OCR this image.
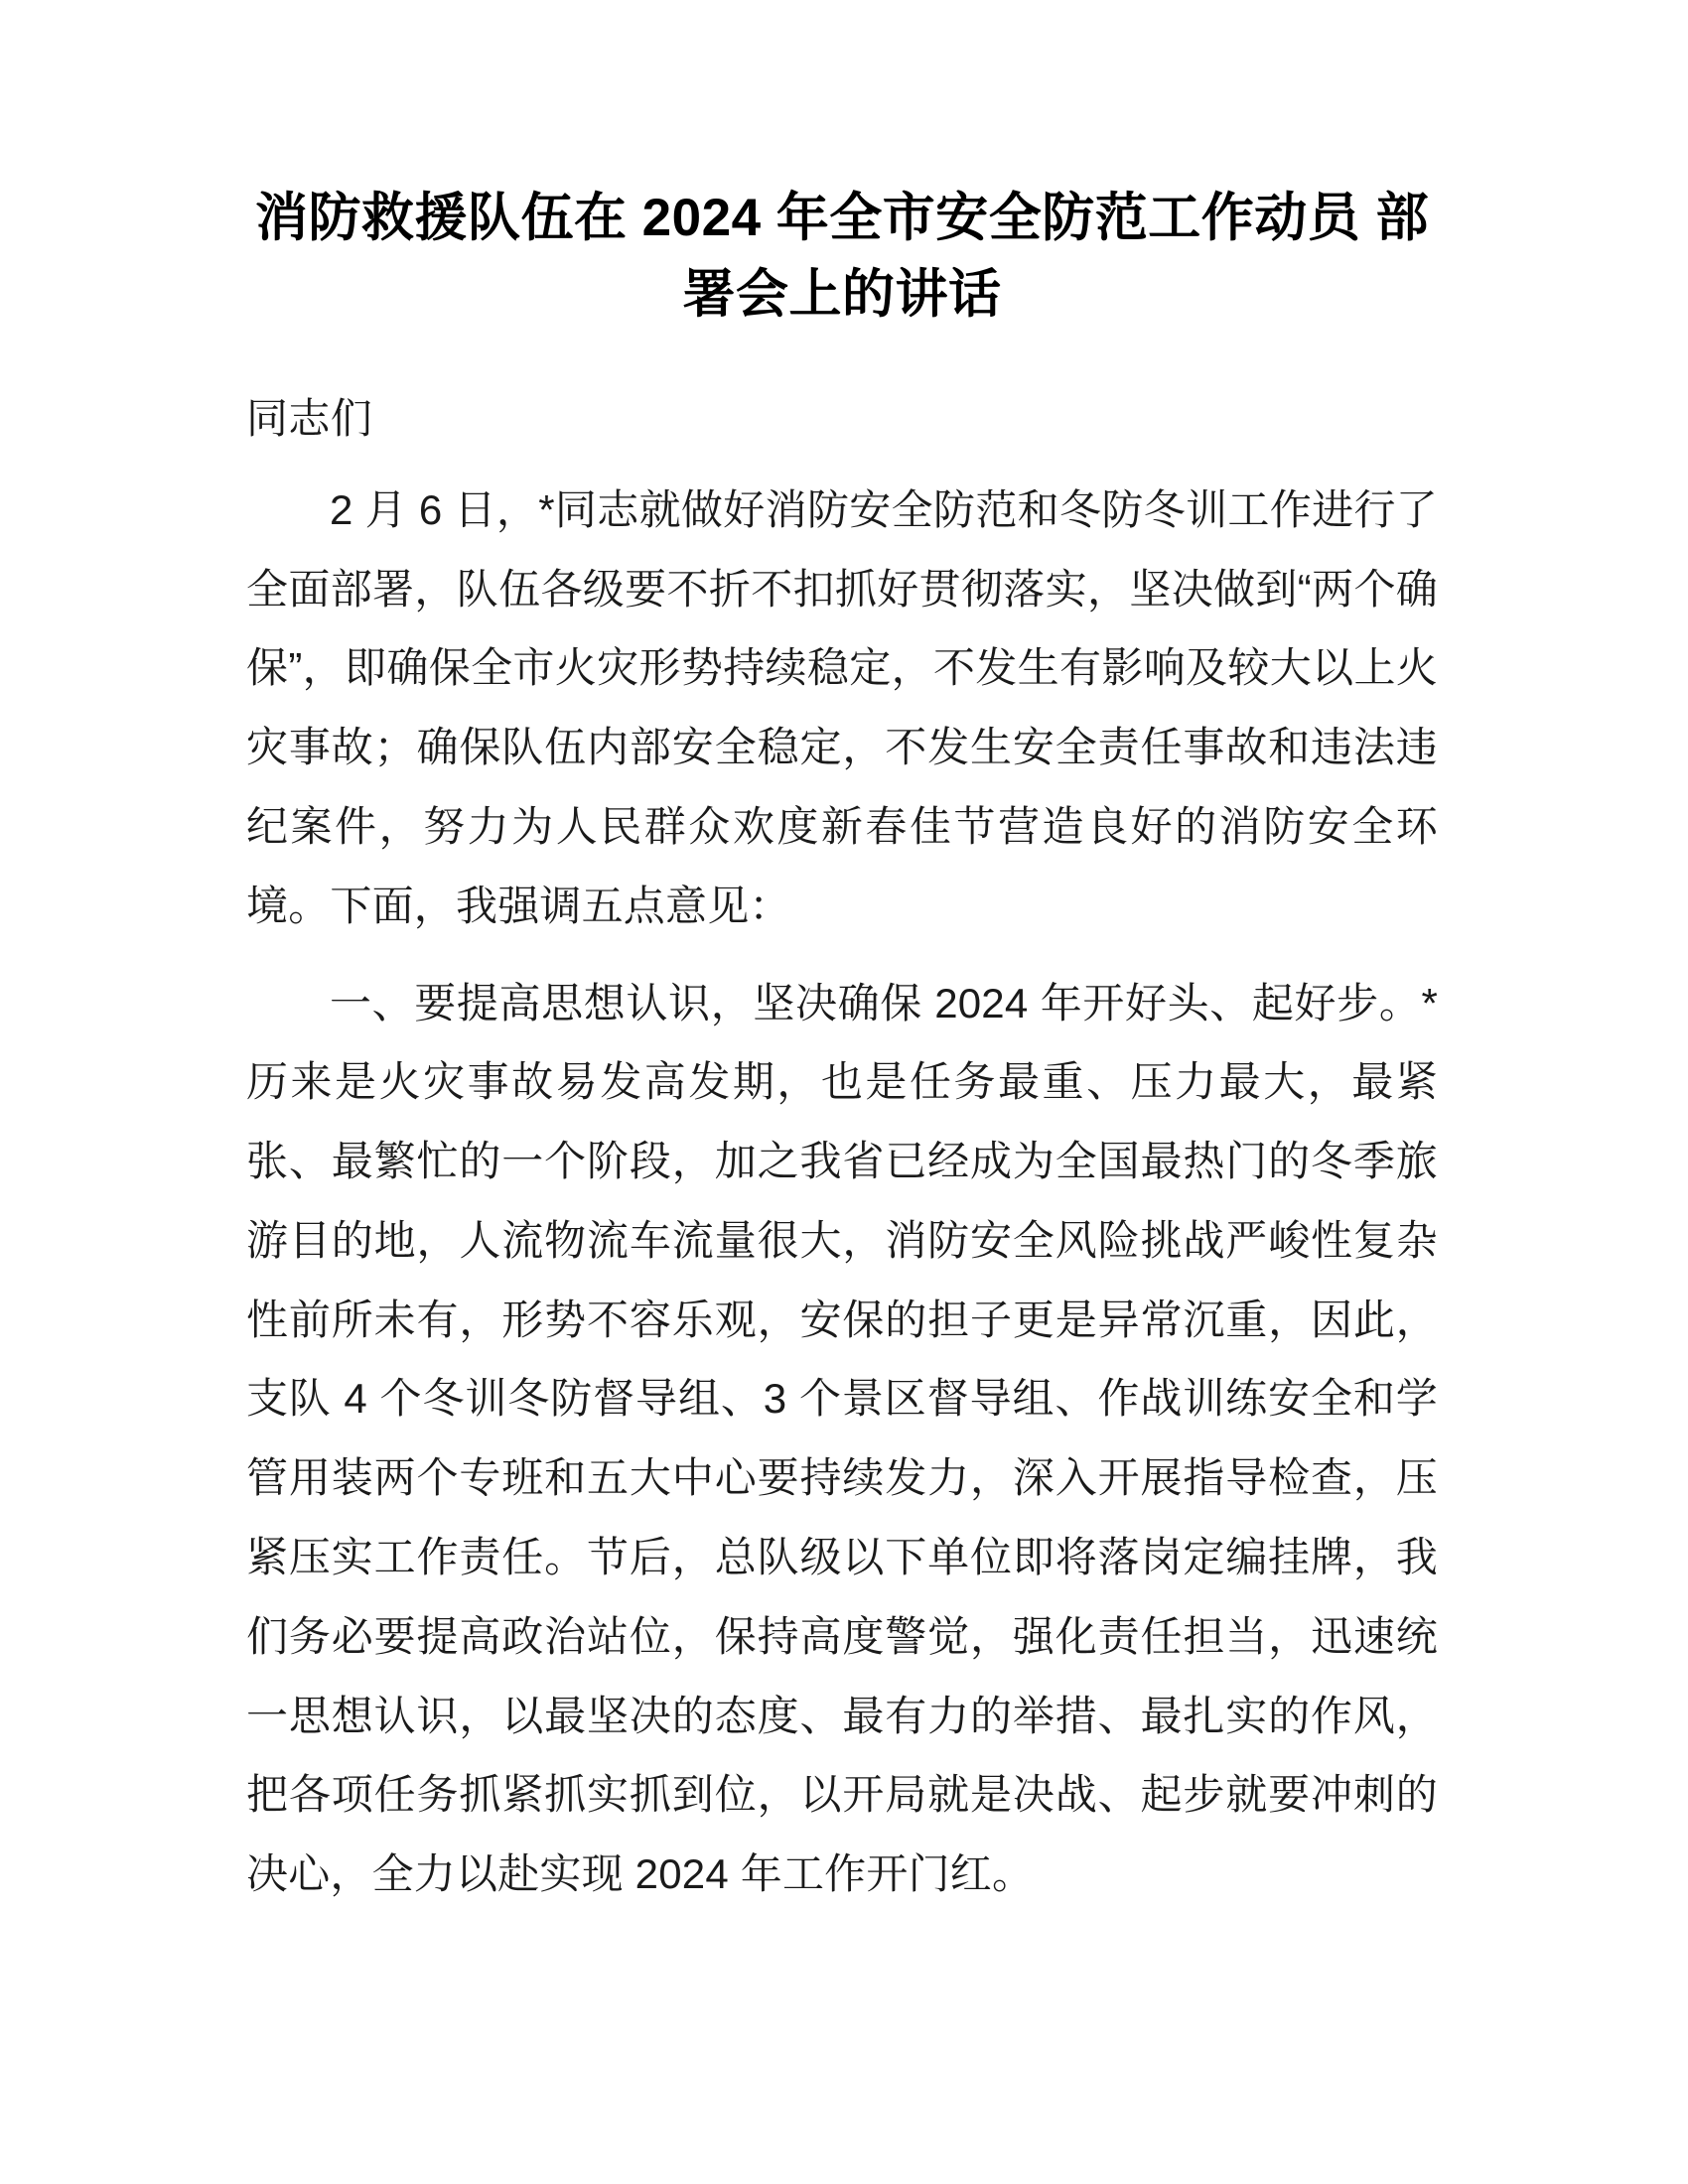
消防救援队伍在 2024 年全市安全防范工作动员 部署会上的讲话

同志们

2 月 6 日，*同志就做好消防安全防范和冬防冬训工作进行了全面部署，队伍各级要不折不扣抓好贯彻落实，坚决做到“两个确保”，即确保全市火灾形势持续稳定，不发生有影响及较大以上火灾事故；确保队伍内部安全稳定，不发生安全责任事故和违法违纪案件，努力为人民群众欢度新春佳节营造良好的消防安全环境。下面，我强调五点意见：

一、要提高思想认识，坚决确保 2024 年开好头、起好步。*历来是火灾事故易发高发期，也是任务最重、压力最大，最紧张、最繁忙的一个阶段，加之我省已经成为全国最热门的冬季旅游目的地，人流物流车流量很大，消防安全风险挑战严峻性复杂性前所未有，形势不容乐观，安保的担子更是异常沉重，因此，支队 4 个冬训冬防督导组、3 个景区督导组、作战训练安全和学管用装两个专班和五大中心要持续发力，深入开展指导检查，压紧压实工作责任。节后，总队级以下单位即将落岗定编挂牌，我们务必要提高政治站位，保持高度警觉，强化责任担当，迅速统一思想认识，以最坚决的态度、最有力的举措、最扎实的作风，把各项任务抓紧抓实抓到位，以开局就是决战、起步就要冲刺的决心，全力以赴实现 2024 年工作开门红。
